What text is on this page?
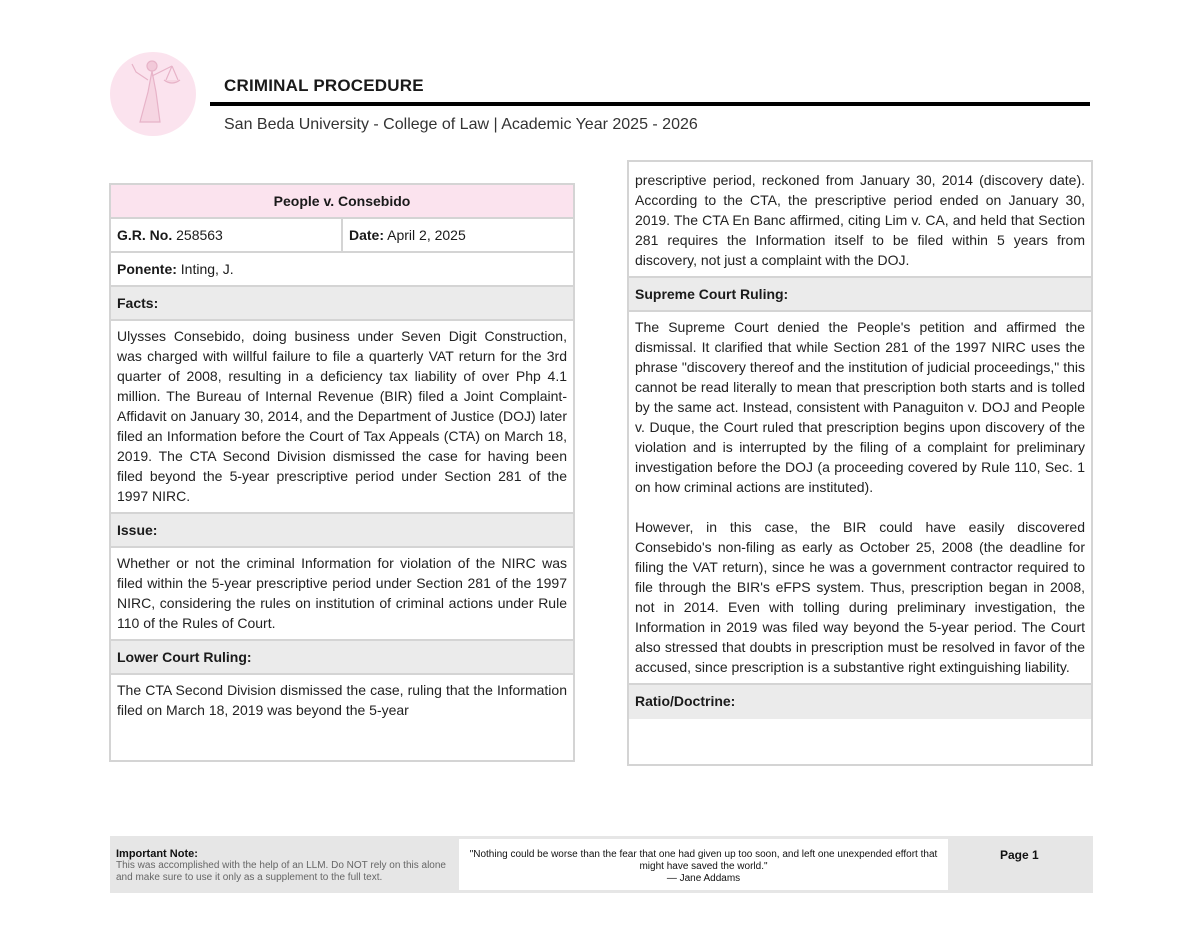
CRIMINAL PROCEDURE
San Beda University - College of Law | Academic Year 2025 - 2026
People v. Consebido
G.R. No. 258563	Date: April 2, 2025
Ponente: Inting, J.
Facts:

Ulysses Consebido, doing business under Seven Digit Construction, was charged with willful failure to file a quarterly VAT return for the 3rd quarter of 2008, resulting in a deficiency tax liability of over Php 4.1 million. The Bureau of Internal Revenue (BIR) filed a Joint Complaint-Affidavit on January 30, 2014, and the Department of Justice (DOJ) later filed an Information before the Court of Tax Appeals (CTA) on March 18, 2019. The CTA Second Division dismissed the case for having been filed beyond the 5-year prescriptive period under Section 281 of the 1997 NIRC.

Issue:

Whether or not the criminal Information for violation of the NIRC was filed within the 5-year prescriptive period under Section 281 of the 1997 NIRC, considering the rules on institution of criminal actions under Rule 110 of the Rules of Court.

Lower Court Ruling:

The CTA Second Division dismissed the case, ruling that the Information filed on March 18, 2019 was beyond the 5-year

prescriptive period, reckoned from January 30, 2014 (discovery date). According to the CTA, the prescriptive period ended on January 30, 2019. The CTA En Banc affirmed, citing Lim v. CA, and held that Section 281 requires the Information itself to be filed within 5 years from discovery, not just a complaint with the DOJ.

Supreme Court Ruling:

The Supreme Court denied the People's petition and affirmed the dismissal. It clarified that while Section 281 of the 1997 NIRC uses the phrase "discovery thereof and the institution of judicial proceedings," this cannot be read literally to mean that prescription both starts and is tolled by the same act. Instead, consistent with Panaguiton v. DOJ and People v. Duque, the Court ruled that prescription begins upon discovery of the violation and is interrupted by the filing of a complaint for preliminary investigation before the DOJ (a proceeding covered by Rule 110, Sec. 1 on how criminal actions are instituted).

However, in this case, the BIR could have easily discovered Consebido's non-filing as early as October 25, 2008 (the deadline for filing the VAT return), since he was a government contractor required to file through the BIR's eFPS system. Thus, prescription began in 2008, not in 2014. Even with tolling during preliminary investigation, the Information in 2019 was filed way beyond the 5-year period. The Court also stressed that doubts in prescription must be resolved in favor of the accused, since prescription is a substantive right extinguishing liability.

Ratio/Doctrine:
Important Note:
This was accomplished with the help of an LLM. Do NOT rely on this alone and make sure to use it only as a supplement to the full text.
"Nothing could be worse than the fear that one had given up too soon, and left one unexpended effort that might have saved the world."
— Jane Addams
Page 1
